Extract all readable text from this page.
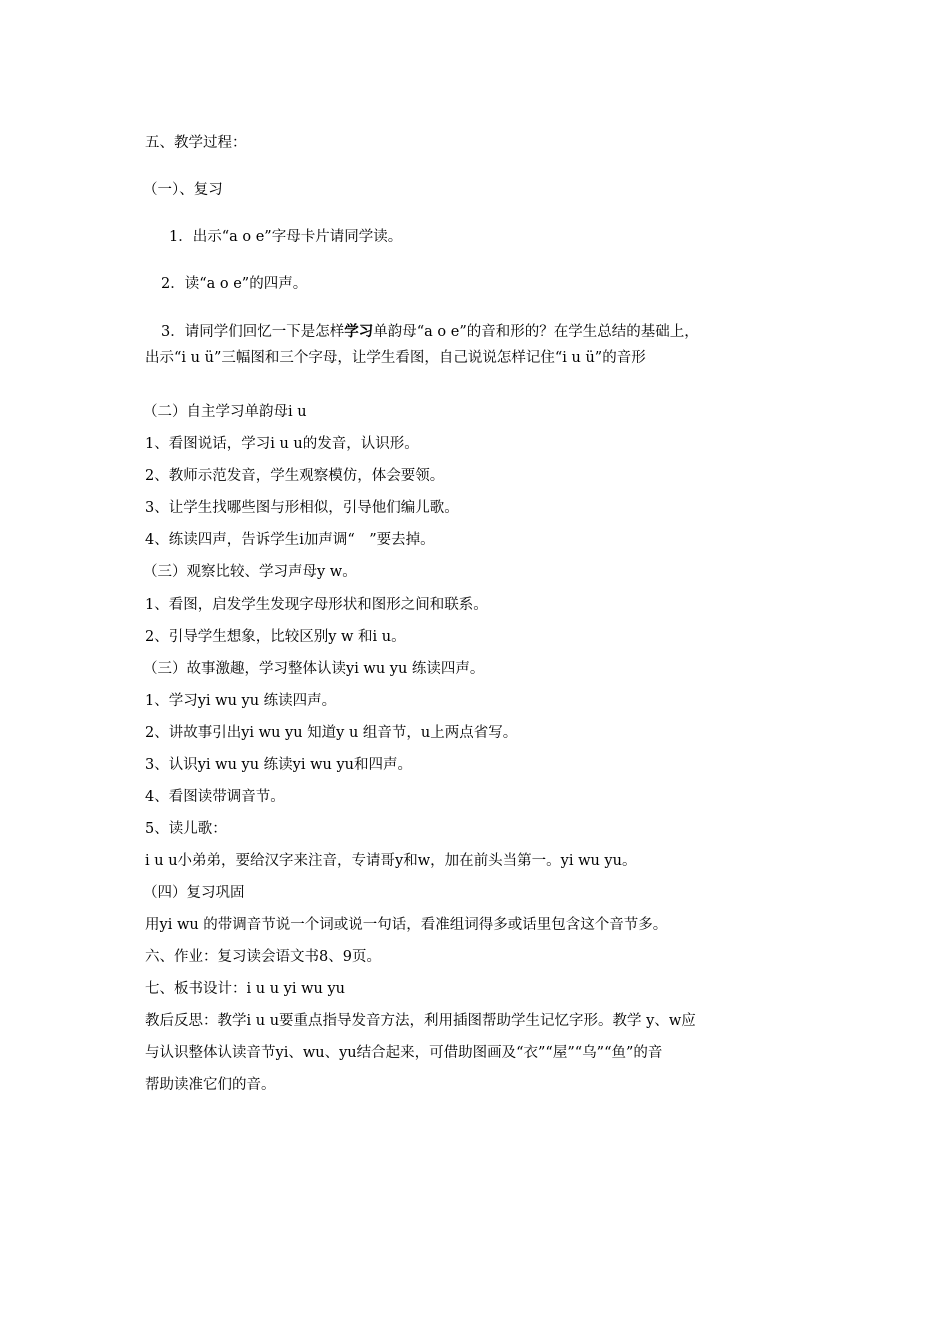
五、教学过程：
（一）、复习
1．出示“a o e”字母卡片请同学读。
2．读“a o e”的四声。
3．请同学们回忆一下是怎样学习单韵母“a o e”的音和形的？在学生总结的基础上，
出示“i u ü”三幅图和三个字母，让学生看图，自己说说怎样记住“i u ü”的音形
（二）自主学习单韵母i u
1、看图说话，学习i u u的发音，认识形。
2、教师示范发音，学生观察模仿，体会要领。
3、让学生找哪些图与形相似，引导他们编儿歌。
4、练读四声，告诉学生i加声调“　”要去掉。
（三）观察比较、学习声母y w。
1、看图，启发学生发现字母形状和图形之间和联系。
2、引导学生想象，比较区别y w 和i u。
（三）故事激趣，学习整体认读yi wu yu 练读四声。
1、学习yi wu yu 练读四声。
2、讲故事引出yi wu yu 知道y u 组音节，u上两点省写。
3、认识yi wu yu 练读yi wu yu和四声。
4、看图读带调音节。
5、读儿歌：
i u u小弟弟，要给汉字来注音，专请哥y和w，加在前头当第一。yi wu yu。
（四）复习巩固
用yi wu 的带调音节说一个词或说一句话，看准组词得多或话里包含这个音节多。
六、作业：复习读会语文书8、9页。
七、板书设计：i u u yi wu yu
教后反思：教学i u u要重点指导发音方法，利用插图帮助学生记忆字形。教学 y、w应
与认识整体认读音节yi、wu、yu结合起来，可借助图画及“衣”“屋”“乌”“鱼”的音
帮助读准它们的音。
